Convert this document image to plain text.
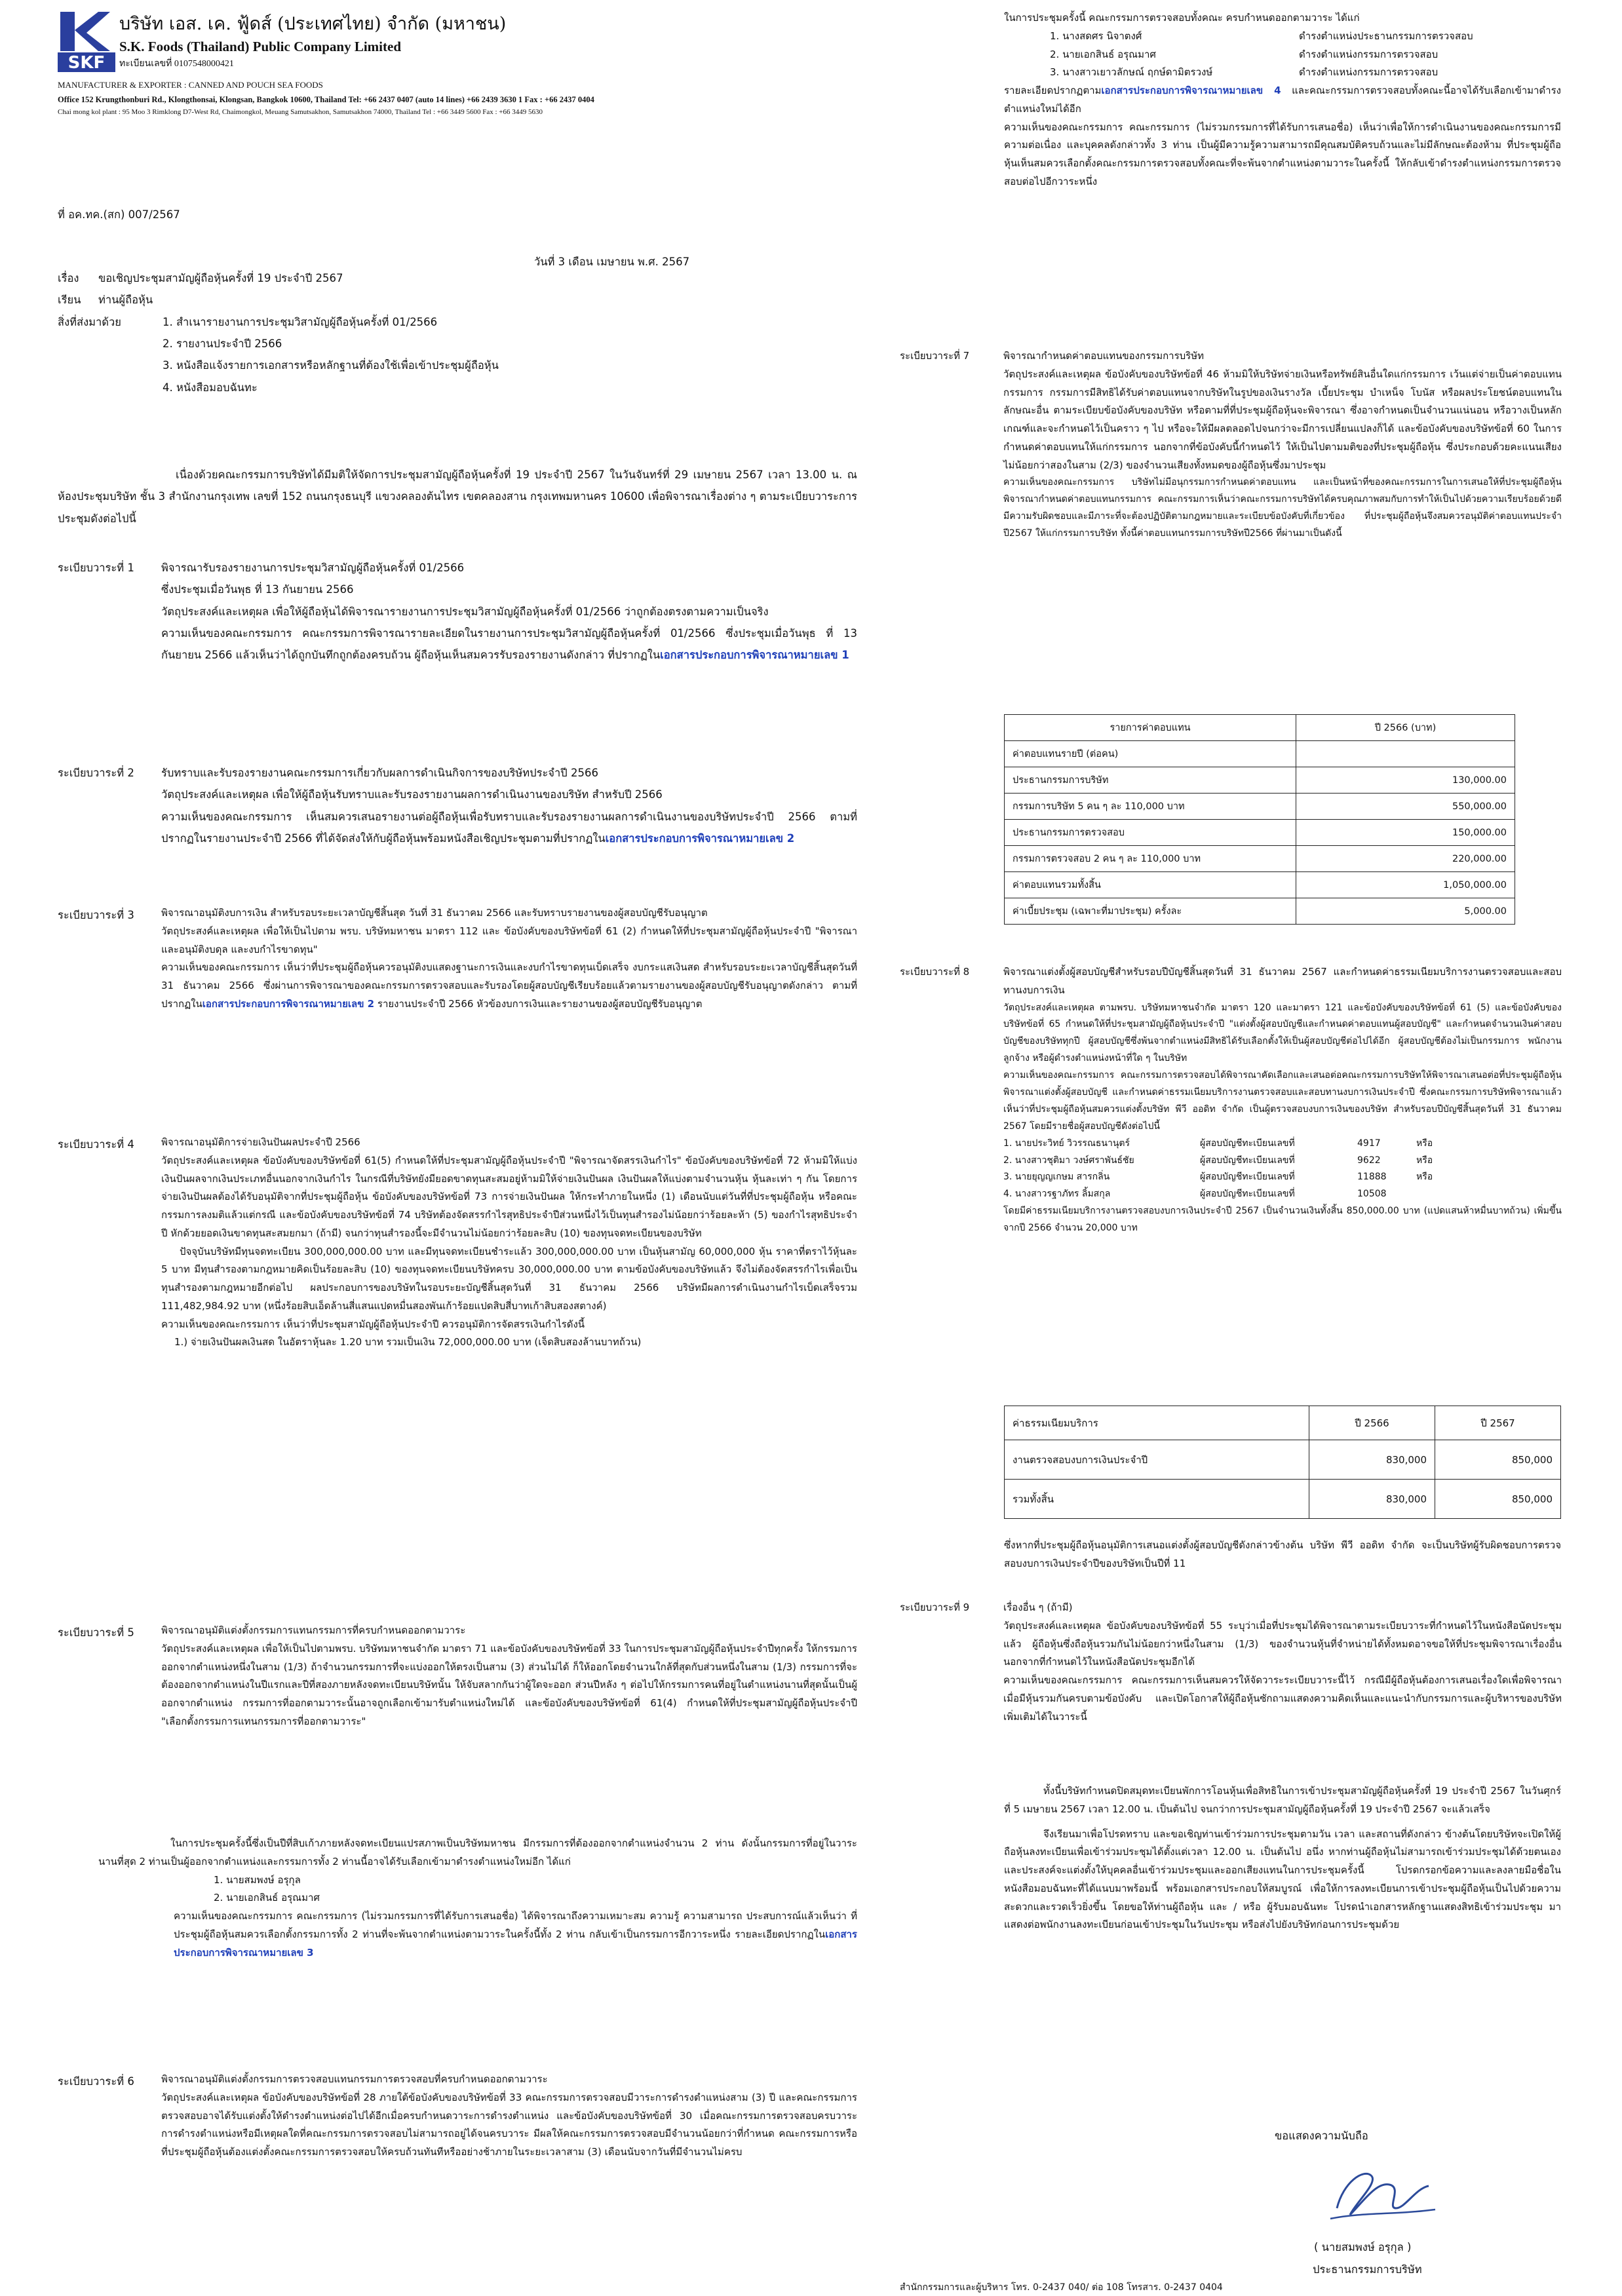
SKF
บริษัท เอส. เค. ฟู้ดส์ (ประเทศไทย) จำกัด (มหาชน)
S.K. Foods (Thailand) Public Company Limited
ทะเบียนเลขที่ 0107548000421
MANUFACTURER & EXPORTER : CANNED AND POUCH SEA FOODS
Office 152 Krungthonburi Rd., Klongthonsai, Klongsan, Bangkok 10600, Thailand Tel: +66 2437 0407 (auto 14 lines) +66 2439 3630 1 Fax : +66 2437 0404
Chai mong kol plant : 95 Moo 3 Rimklong D7-West Rd, Chaimongkol, Meuang Samutsakhon, Samutsakhon 74000, Thailand Tel : +66 3449 5600 Fax : +66 3449 5630
ที่ อค.ทค.(สก) 007/2567
วันที่ 3 เดือน เมษายน พ.ศ. 2567
เรื่อง	ขอเชิญประชุมสามัญผู้ถือหุ้นครั้งที่ 19 ประจำปี 2567
เรียน	ท่านผู้ถือหุ้น
สิ่งที่ส่งมาด้วย	1. สำเนารายงานการประชุมวิสามัญผู้ถือหุ้นครั้งที่ 01/2566
2. รายงานประจำปี 2566
3. หนังสือแจ้งรายการเอกสารหรือหลักฐานที่ต้องใช้เพื่อเข้าประชุมผู้ถือหุ้น
4. หนังสือมอบฉันทะ
เนื่องด้วยคณะกรรมการบริษัทได้มีมติให้จัดการประชุมสามัญผู้ถือหุ้นครั้งที่ 19 ประจำปี 2567 ในวันจันทร์ที่ 29 เมษายน 2567 เวลา 13.00 น. ณ ห้องประชุมบริษัท ชั้น 3 สำนักงานกรุงเทพ เลขที่ 152 ถนนกรุงธนบุรี แขวงคลองต้นไทร เขตคลองสาน กรุงเทพมหานคร 10600 เพื่อพิจารณาเรื่องต่าง ๆ ตามระเบียบวาระการประชุมดังต่อไปนี้
ระเบียบวาระที่ 1	พิจารณารับรองรายงานการประชุมวิสามัญผู้ถือหุ้นครั้งที่ 01/2566

ซึ่งประชุมเมื่อวันพุธ ที่ 13 กันยายน 2566

วัตถุประสงค์และเหตุผล เพื่อให้ผู้ถือหุ้นได้พิจารณารายงานการประชุมวิสามัญผู้ถือหุ้นครั้งที่ 01/2566 ว่าถูกต้องตรงตามความเป็นจริง

ความเห็นของคณะกรรมการ คณะกรรมการพิจารณารายละเอียดในรายงานการประชุมวิสามัญผู้ถือหุ้นครั้งที่ 01/2566 ซึ่งประชุมเมื่อวันพุธ ที่ 13 กันยายน 2566 แล้วเห็นว่าได้ถูกบันทึกถูกต้องครบถ้วน ผู้ถือหุ้นเห็นสมควรรับรองรายงานดังกล่าว ที่ปรากฏในเอกสารประกอบการพิจารณาหมายเลข 1

ระเบียบวาระที่ 2	รับทราบและรับรองรายงานคณะกรรมการเกี่ยวกับผลการดำเนินกิจการของบริษัทประจำปี 2566

วัตถุประสงค์และเหตุผล เพื่อให้ผู้ถือหุ้นรับทราบและรับรองรายงานผลการดำเนินงานของบริษัท สำหรับปี 2566

ความเห็นของคณะกรรมการ เห็นสมควรเสนอรายงานต่อผู้ถือหุ้นเพื่อรับทราบและรับรองรายงานผลการดำเนินงานของบริษัทประจำปี 2566 ตามที่ปรากฏในรายงานประจำปี 2566 ที่ได้จัดส่งให้กับผู้ถือหุ้นพร้อมหนังสือเชิญประชุมตามที่ปรากฏในเอกสารประกอบการพิจารณาหมายเลข 2

ระเบียบวาระที่ 3	พิจารณาอนุมัติงบการเงิน สำหรับรอบระยะเวลาบัญชีสิ้นสุด วันที่ 31 ธันวาคม 2566 และรับทราบรายงานของผู้สอบบัญชีรับอนุญาต

วัตถุประสงค์และเหตุผล เพื่อให้เป็นไปตาม พรบ. บริษัทมหาชน มาตรา 112 และ ข้อบังคับของบริษัทข้อที่ 61 (2) กำหนดให้ที่ประชุมสามัญผู้ถือหุ้นประจำปี "พิจารณาและอนุมัติงบดุล และงบกำไรขาดทุน"

ความเห็นของคณะกรรมการ เห็นว่าที่ประชุมผู้ถือหุ้นควรอนุมัติงบแสดงฐานะการเงินและงบกำไรขาดทุนเบ็ดเสร็จ งบกระแสเงินสด สำหรับรอบระยะเวลาบัญชีสิ้นสุดวันที่ 31 ธันวาคม 2566 ซึ่งผ่านการพิจารณาของคณะกรรมการตรวจสอบและรับรองโดยผู้สอบบัญชีเรียบร้อยแล้วตามรายงานของผู้สอบบัญชีรับอนุญาตดังกล่าว ตามที่ปรากฏในเอกสารประกอบการพิจารณาหมายเลข 2 รายงานประจำปี 2566 หัวข้องบการเงินและรายงานของผู้สอบบัญชีรับอนุญาต

ระเบียบวาระที่ 4	พิจารณาอนุมัติการจ่ายเงินปันผลประจำปี 2566

วัตถุประสงค์และเหตุผล ข้อบังคับของบริษัทข้อที่ 61(5) กำหนดให้ที่ประชุมสามัญผู้ถือหุ้นประจำปี "พิจารณาจัดสรรเงินกำไร" ข้อบังคับของบริษัทข้อที่ 72 ห้ามมิให้แบ่งเงินปันผลจากเงินประเภทอื่นนอกจากเงินกำไร ในกรณีที่บริษัทยังมียอดขาดทุนสะสมอยู่ห้ามมิให้จ่ายเงินปันผล เงินปันผลให้แบ่งตามจำนวนหุ้น หุ้นละเท่า ๆ กัน โดยการจ่ายเงินปันผลต้องได้รับอนุมัติจากที่ประชุมผู้ถือหุ้น ข้อบังคับของบริษัทข้อที่ 73 การจ่ายเงินปันผล ให้กระทำภายในหนึ่ง (1) เดือนนับแต่วันที่ที่ประชุมผู้ถือหุ้น หรือคณะกรรมการลงมติแล้วแต่กรณี และข้อบังคับของบริษัทข้อที่ 74 บริษัทต้องจัดสรรกำไรสุทธิประจำปีส่วนหนึ่งไว้เป็นทุนสำรองไม่น้อยกว่าร้อยละห้า (5) ของกำไรสุทธิประจำปี หักด้วยยอดเงินขาดทุนสะสมยกมา (ถ้ามี) จนกว่าทุนสำรองนี้จะมีจำนวนไม่น้อยกว่าร้อยละสิบ (10) ของทุนจดทะเบียนของบริษัท

ปัจจุบันบริษัทมีทุนจดทะเบียน 300,000,000.00 บาท และมีทุนจดทะเบียนชำระแล้ว 300,000,000.00 บาท เป็นหุ้นสามัญ 60,000,000 หุ้น ราคาที่ตราไว้หุ้นละ 5 บาท มีทุนสำรองตามกฎหมายคิดเป็นร้อยละสิบ (10) ของทุนจดทะเบียนบริษัทครบ 30,000,000.00 บาท ตามข้อบังคับของบริษัทแล้ว จึงไม่ต้องจัดสรรกำไรเพื่อเป็นทุนสำรองตามกฎหมายอีกต่อไป ผลประกอบการของบริษัทในรอบระยะบัญชีสิ้นสุดวันที่ 31 ธันวาคม 2566 บริษัทมีผลการดำเนินงานกำไรเบ็ดเสร็จรวม 111,482,984.92 บาท (หนึ่งร้อยสิบเอ็ดล้านสี่แสนแปดหมื่นสองพันเก้าร้อยแปดสิบสี่บาทเก้าสิบสองสตางค์)

ความเห็นของคณะกรรมการ เห็นว่าที่ประชุมสามัญผู้ถือหุ้นประจำปี ควรอนุมัติการจัดสรรเงินกำไรดังนี้

1.) จ่ายเงินปันผลเงินสด ในอัตราหุ้นละ 1.20 บาท รวมเป็นเงิน 72,000,000.00 บาท (เจ็ดสิบสองล้านบาทถ้วน)

ระเบียบวาระที่ 5	พิจารณาอนุมัติแต่งตั้งกรรมการแทนกรรมการที่ครบกำหนดออกตามวาระ

วัตถุประสงค์และเหตุผล เพื่อให้เป็นไปตามพรบ. บริษัทมหาชนจำกัด มาตรา 71 และข้อบังคับของบริษัทข้อที่ 33 ในการประชุมสามัญผู้ถือหุ้นประจำปีทุกครั้ง ให้กรรมการออกจากตำแหน่งหนึ่งในสาม (1/3) ถ้าจำนวนกรรมการที่จะแบ่งออกให้ตรงเป็นสาม (3) ส่วนไม่ได้ ก็ให้ออกโดยจำนวนใกล้ที่สุดกับส่วนหนึ่งในสาม (1/3) กรรมการที่จะต้องออกจากตำแหน่งในปีแรกและปีที่สองภายหลังจดทะเบียนบริษัทนั้น ให้จับสลากกันว่าผู้ใดจะออก ส่วนปีหลัง ๆ ต่อไปให้กรรมการคนที่อยู่ในตำแหน่งนานที่สุดนั้นเป็นผู้ออกจากตำแหน่ง กรรมการที่ออกตามวาระนั้นอาจถูกเลือกเข้ามารับตำแหน่งใหม่ได้ และข้อบังคับของบริษัทข้อที่ 61(4) กำหนดให้ที่ประชุมสามัญผู้ถือหุ้นประจำปี "เลือกตั้งกรรมการแทนกรรมการที่ออกตามวาระ"

ในการประชุมครั้งนี้ซึ่งเป็นปีที่สิบเก้าภายหลังจดทะเบียนแปรสภาพเป็นบริษัทมหาชน มีกรรมการที่ต้องออกจากตำแหน่งจำนวน 2 ท่าน ดังนั้นกรรมการที่อยู่ในวาระนานที่สุด 2 ท่านเป็นผู้ออกจากตำแหน่งและกรรมการทั้ง 2 ท่านนี้อาจได้รับเลือกเข้ามาดำรงตำแหน่งใหม่อีก ได้แก่

1. นายสมพงษ์ อรุกุล
2. นายเอกสินธ์ อรุณมาศ

ความเห็นของคณะกรรมการ คณะกรรมการ (ไม่รวมกรรมการที่ได้รับการเสนอชื่อ) ได้พิจารณาถึงความเหมาะสม ความรู้ ความสามารถ ประสบการณ์แล้วเห็นว่า ที่ประชุมผู้ถือหุ้นสมควรเลือกตั้งกรรมการทั้ง 2 ท่านที่จะพ้นจากตำแหน่งตามวาระในครั้งนี้ทั้ง 2 ท่าน กลับเข้าเป็นกรรมการอีกวาระหนึ่ง รายละเอียดปรากฏในเอกสารประกอบการพิจารณาหมายเลข 3

ระเบียบวาระที่ 6	พิจารณาอนุมัติแต่งตั้งกรรมการตรวจสอบแทนกรรมการตรวจสอบที่ครบกำหนดออกตามวาระ

วัตถุประสงค์และเหตุผล ข้อบังคับของบริษัทข้อที่ 28 ภายใต้ข้อบังคับของบริษัทข้อที่ 33 คณะกรรมการตรวจสอบมีวาระการดำรงตำแหน่งสาม (3) ปี และคณะกรรมการตรวจสอบอาจได้รับแต่งตั้งให้ดำรงตำแหน่งต่อไปได้อีกเมื่อครบกำหนดวาระการดำรงตำแหน่ง และข้อบังคับของบริษัทข้อที่ 30 เมื่อคณะกรรมการตรวจสอบครบวาระการดำรงตำแหน่งหรือมีเหตุผลใดที่คณะกรรมการตรวจสอบไม่สามารถอยู่ได้จนครบวาระ มีผลให้คณะกรรมการตรวจสอบมีจำนวนน้อยกว่าที่กำหนด คณะกรรมการหรือที่ประชุมผู้ถือหุ้นต้องแต่งตั้งคณะกรรมการตรวจสอบให้ครบถ้วนทันทีหรืออย่างช้าภายในระยะเวลาสาม (3) เดือนนับจากวันที่มีจำนวนไม่ครบ

ในการประชุมครั้งนี้ คณะกรรมการตรวจสอบทั้งคณะ ครบกำหนดออกตามวาระ ได้แก่

1. นางสดศร นิจาตงศ์	ดำรงตำแหน่งประธานกรรมการตรวจสอบ
2. นายเอกสินธ์ อรุณมาศ	ดำรงตำแหน่งกรรมการตรวจสอบ
3. นางสาวเยาวลักษณ์ ฤกษ์ดามิตรวงษ์	ดำรงตำแหน่งกรรมการตรวจสอบ

รายละเอียดปรากฏตามเอกสารประกอบการพิจารณาหมายเลข 4 และคณะกรรมการตรวจสอบทั้งคณะนี้อาจได้รับเลือกเข้ามาดำรงตำแหน่งใหม่ได้อีก

ความเห็นของคณะกรรมการ คณะกรรมการ (ไม่รวมกรรมการที่ได้รับการเสนอชื่อ) เห็นว่าเพื่อให้การดำเนินงานของคณะกรรมการมีความต่อเนื่อง และบุคคลดังกล่าวทั้ง 3 ท่าน เป็นผู้มีความรู้ความสามารถมีคุณสมบัติครบถ้วนและไม่มีลักษณะต้องห้าม ที่ประชุมผู้ถือหุ้นเห็นสมควรเลือกตั้งคณะกรรมการตรวจสอบทั้งคณะที่จะพ้นจากตำแหน่งตามวาระในครั้งนี้ ให้กลับเข้าดำรงตำแหน่งกรรมการตรวจสอบต่อไปอีกวาระหนึ่ง

ระเบียบวาระที่ 7	พิจารณากำหนดค่าตอบแทนของกรรมการบริษัท

วัตถุประสงค์และเหตุผล ข้อบังคับของบริษัทข้อที่ 46 ห้ามมิให้บริษัทจ่ายเงินหรือทรัพย์สินอื่นใดแก่กรรมการ เว้นแต่จ่ายเป็นค่าตอบแทนกรรมการ กรรมการมีสิทธิได้รับค่าตอบแทนจากบริษัทในรูปของเงินรางวัล เบี้ยประชุม บำเหน็จ โบนัส หรือผลประโยชน์ตอบแทนในลักษณะอื่น ตามระเบียบข้อบังคับของบริษัท หรือตามที่ที่ประชุมผู้ถือหุ้นจะพิจารณา ซึ่งอาจกำหนดเป็นจำนวนแน่นอน หรือวางเป็นหลักเกณฑ์และจะกำหนดไว้เป็นคราว ๆ ไป หรือจะให้มีผลตลอดไปจนกว่าจะมีการเปลี่ยนแปลงก็ได้ และข้อบังคับของบริษัทข้อที่ 60 ในการกำหนดค่าตอบแทนให้แก่กรรมการ นอกจากที่ข้อบังคับนี้กำหนดไว้ ให้เป็นไปตามมติของที่ประชุมผู้ถือหุ้น ซึ่งประกอบด้วยคะแนนเสียงไม่น้อยกว่าสองในสาม (2/3) ของจำนวนเสียงทั้งหมดของผู้ถือหุ้นซึ่งมาประชุม

ความเห็นของคณะกรรมการ บริษัทไม่มีอนุกรรมการกำหนดค่าตอบแทน และเป็นหน้าที่ของคณะกรรมการในการเสนอให้ที่ประชุมผู้ถือหุ้นพิจารณากำหนดค่าตอบแทนกรรมการ คณะกรรมการเห็นว่าคณะกรรมการบริษัทได้ครบคุณภาพสมกับการทำให้เป็นไปด้วยความเรียบร้อยด้วยดี มีความรับผิดชอบและมีภาระที่จะต้องปฏิบัติตามกฎหมายและระเบียบข้อบังคับที่เกี่ยวข้อง ที่ประชุมผู้ถือหุ้นจึงสมควรอนุมัติค่าตอบแทนประจำปี2567 ให้แก่กรรมการบริษัท ทั้งนี้ค่าตอบแทนกรรมการบริษัทปี2566 ที่ผ่านมาเป็นดังนี้

รายการค่าตอบแทน	ปี 2566 (บาท)
ค่าตอบแทนรายปี (ต่อคน)	
ประธานกรรมการบริษัท	130,000.00
กรรมการบริษัท 5 คน ๆ ละ 110,000 บาท	550,000.00
ประธานกรรมการตรวจสอบ	150,000.00
กรรมการตรวจสอบ 2 คน ๆ ละ 110,000 บาท	220,000.00
ค่าตอบแทนรวมทั้งสิ้น	1,050,000.00
ค่าเบี้ยประชุม (เฉพาะที่มาประชุม) ครั้งละ	5,000.00
ระเบียบวาระที่ 8	พิจารณาแต่งตั้งผู้สอบบัญชีสำหรับรอบปีบัญชีสิ้นสุดวันที่ 31 ธันวาคม 2567 และกำหนดค่าธรรมเนียมบริการงานตรวจสอบและสอบทานงบการเงิน

วัตถุประสงค์และเหตุผล ตามพรบ. บริษัทมหาชนจำกัด มาตรา 120 และมาตรา 121 และข้อบังคับของบริษัทข้อที่ 61 (5) และข้อบังคับของบริษัทข้อที่ 65 กำหนดให้ที่ประชุมสามัญผู้ถือหุ้นประจำปี "แต่งตั้งผู้สอบบัญชีและกำหนดค่าตอบแทนผู้สอบบัญชี" และกำหนดจำนวนเงินค่าสอบบัญชีของบริษัททุกปี ผู้สอบบัญชีซึ่งพ้นจากตำแหน่งมีสิทธิได้รับเลือกตั้งให้เป็นผู้สอบบัญชีต่อไปได้อีก ผู้สอบบัญชีต้องไม่เป็นกรรมการ พนักงาน ลูกจ้าง หรือผู้ดำรงตำแหน่งหน้าที่ใด ๆ ในบริษัท

ความเห็นของคณะกรรมการ คณะกรรมการตรวจสอบได้พิจารณาคัดเลือกและเสนอต่อคณะกรรมการบริษัทให้พิจารณาเสนอต่อที่ประชุมผู้ถือหุ้นพิจารณาแต่งตั้งผู้สอบบัญชี และกำหนดค่าธรรมเนียมบริการงานตรวจสอบและสอบทานงบการเงินประจำปี ซึ่งคณะกรรมการบริษัทพิจารณาแล้วเห็นว่าที่ประชุมผู้ถือหุ้นสมควรแต่งตั้งบริษัท พีวี ออดิท จำกัด เป็นผู้ตรวจสอบงบการเงินของบริษัท สำหรับรอบปีบัญชีสิ้นสุดวันที่ 31 ธันวาคม 2567 โดยมีรายชื่อผู้สอบบัญชีดังต่อไปนี้

1. นายประวิทย์ วิวรรณธนานุตร์	ผู้สอบบัญชีทะเบียนเลขที่	4917	หรือ
2. นางสาวชุติมา วงษ์ศราพันธ์ชัย	ผู้สอบบัญชีทะเบียนเลขที่	9622	หรือ
3. นายยุญญเกษม สารกลิ่น	ผู้สอบบัญชีทะเบียนเลขที่	11888	หรือ
4. นางสาวรฐาภัทร ลิ้มสกุล	ผู้สอบบัญชีทะเบียนเลขที่	10508

โดยมีค่าธรรมเนียมบริการงานตรวจสอบงบการเงินประจำปี 2567 เป็นจำนวนเงินทั้งสิ้น 850,000.00 บาท (แปดแสนห้าหมื่นบาทถ้วน) เพิ่มขึ้นจากปี 2566 จำนวน 20,000 บาท

ค่าธรรมเนียมบริการ	ปี 2566	ปี 2567
งานตรวจสอบงบการเงินประจำปี	830,000	850,000
รวมทั้งสิ้น	830,000	850,000
ซึ่งหากที่ประชุมผู้ถือหุ้นอนุมัติการเสนอแต่งตั้งผู้สอบบัญชีดังกล่าวข้างต้น บริษัท พีวี ออดิท จำกัด จะเป็นบริษัทผู้รับผิดชอบการตรวจสอบงบการเงินประจำปีของบริษัทเป็นปีที่ 11
ระเบียบวาระที่ 9	เรื่องอื่น ๆ (ถ้ามี)

วัตถุประสงค์และเหตุผล ข้อบังคับของบริษัทข้อที่ 55 ระบุว่าเมื่อที่ประชุมได้พิจารณาตามระเบียบวาระที่กำหนดไว้ในหนังสือนัดประชุมแล้ว ผู้ถือหุ้นซึ่งถือหุ้นรวมกันไม่น้อยกว่าหนึ่งในสาม (1/3) ของจำนวนหุ้นที่จำหน่ายได้ทั้งหมดอาจขอให้ที่ประชุมพิจารณาเรื่องอื่นนอกจากที่กำหนดไว้ในหนังสือนัดประชุมอีกได้

ความเห็นของคณะกรรมการ คณะกรรมการเห็นสมควรให้จัดวาระระเบียบวาระนี้ไว้ กรณีมีผู้ถือหุ้นต้องการเสนอเรื่องใดเพื่อพิจารณาเมื่อมีหุ้นรวมกันครบตามข้อบังคับ และเปิดโอกาสให้ผู้ถือหุ้นซักถามแสดงความคิดเห็นและแนะนำกับกรรมการและผู้บริหารของบริษัทเพิ่มเติมได้ในวาระนี้

ทั้งนี้บริษัทกำหนดปิดสมุดทะเบียนพักการโอนหุ้นเพื่อสิทธิในการเข้าประชุมสามัญผู้ถือหุ้นครั้งที่ 19 ประจำปี 2567 ในวันศุกร์ที่ 5 เมษายน 2567 เวลา 12.00 น. เป็นต้นไป จนกว่าการประชุมสามัญผู้ถือหุ้นครั้งที่ 19 ประจำปี 2567 จะแล้วเสร็จ

จึงเรียนมาเพื่อโปรดทราบ และขอเชิญท่านเข้าร่วมการประชุมตามวัน เวลา และสถานที่ดังกล่าว ข้างต้นโดยบริษัทจะเปิดให้ผู้ถือหุ้นลงทะเบียนเพื่อเข้าร่วมประชุมได้ตั้งแต่เวลา 12.00 น. เป็นต้นไป อนึ่ง หากท่านผู้ถือหุ้นไม่สามารถเข้าร่วมประชุมได้ด้วยตนเองและประสงค์จะแต่งตั้งให้บุคคลอื่นเข้าร่วมประชุมและออกเสียงแทนในการประชุมครั้งนี้ โปรดกรอกข้อความและลงลายมือชื่อในหนังสือมอบฉันทะที่ได้แนบมาพร้อมนี้ พร้อมเอกสารประกอบให้สมบูรณ์ เพื่อให้การลงทะเบียนการเข้าประชุมผู้ถือหุ้นเป็นไปด้วยความสะดวกและรวดเร็วยิ่งขึ้น โดยขอให้ท่านผู้ถือหุ้น และ / หรือ ผู้รับมอบฉันทะ โปรดนำเอกสารหลักฐานแสดงสิทธิเข้าร่วมประชุม มาแสดงต่อพนักงานลงทะเบียนก่อนเข้าประชุมในวันประชุม หรือส่งไปยังบริษัทก่อนการประชุมด้วย

ขอแสดงความนับถือ
( นายสมพงษ์ อรุกุล )
ประธานกรรมการบริษัท
สำนักกรรมการและผู้บริหาร โทร. 0-2437 040/ ต่อ 108 โทรสาร. 0-2437 0404
